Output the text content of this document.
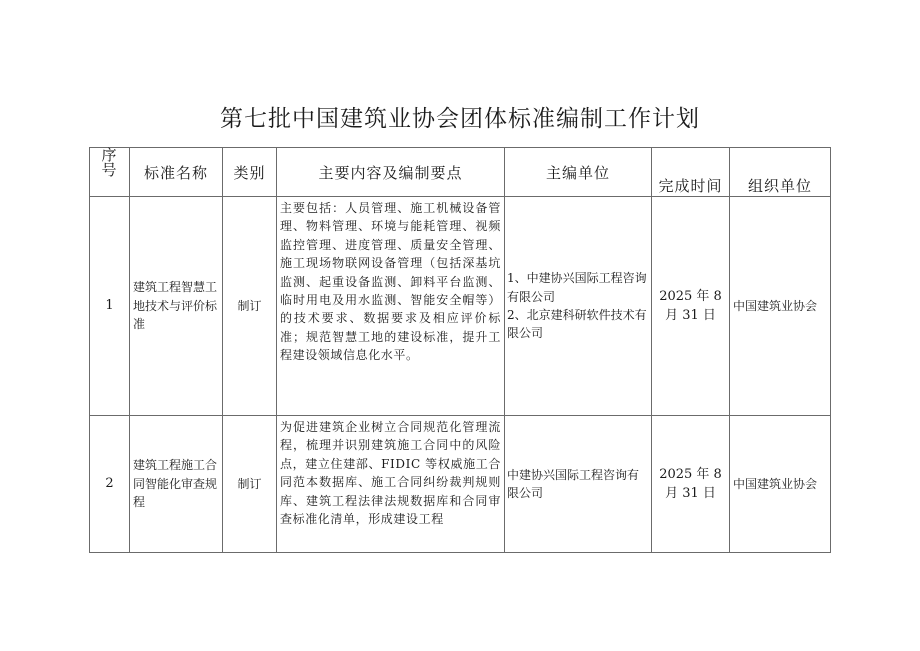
第七批中国建筑业协会团体标准编制工作计划
序
号	标准名称	类别	主要内容及编制要点	主编单位	完成时间	组织单位
1	建筑工程智慧工地技术与评价标准	制订	主要包括：人员管理、施工机械设备管理、物料管理、环境与能耗管理、视频监控管理、进度管理、质量安全管理、施工现场物联网设备管理（包括深基坑监测、起重设备监测、卸料平台监测、临时用电及用水监测、智能安全帽等）的技术要求、数据要求及相应评价标准；规范智慧工地的建设标准，提升工程建设领域信息化水平。	1、中建协兴国际工程咨询有限公司
2、北京建科研软件技术有限公司	2025 年 8 月 31 日	中国建筑业协会
2	建筑工程施工合同智能化审查规程	制订	为促进建筑企业树立合同规范化管理流程，梳理并识别建筑施工合同中的风险点，建立住建部、FIDIC 等权威施工合同范本数据库、施工合同纠纷裁判规则库、建筑工程法律法规数据库和合同审查标准化清单，形成建设工程	中建协兴国际工程咨询有限公司	2025 年 8 月 31 日	中国建筑业协会
